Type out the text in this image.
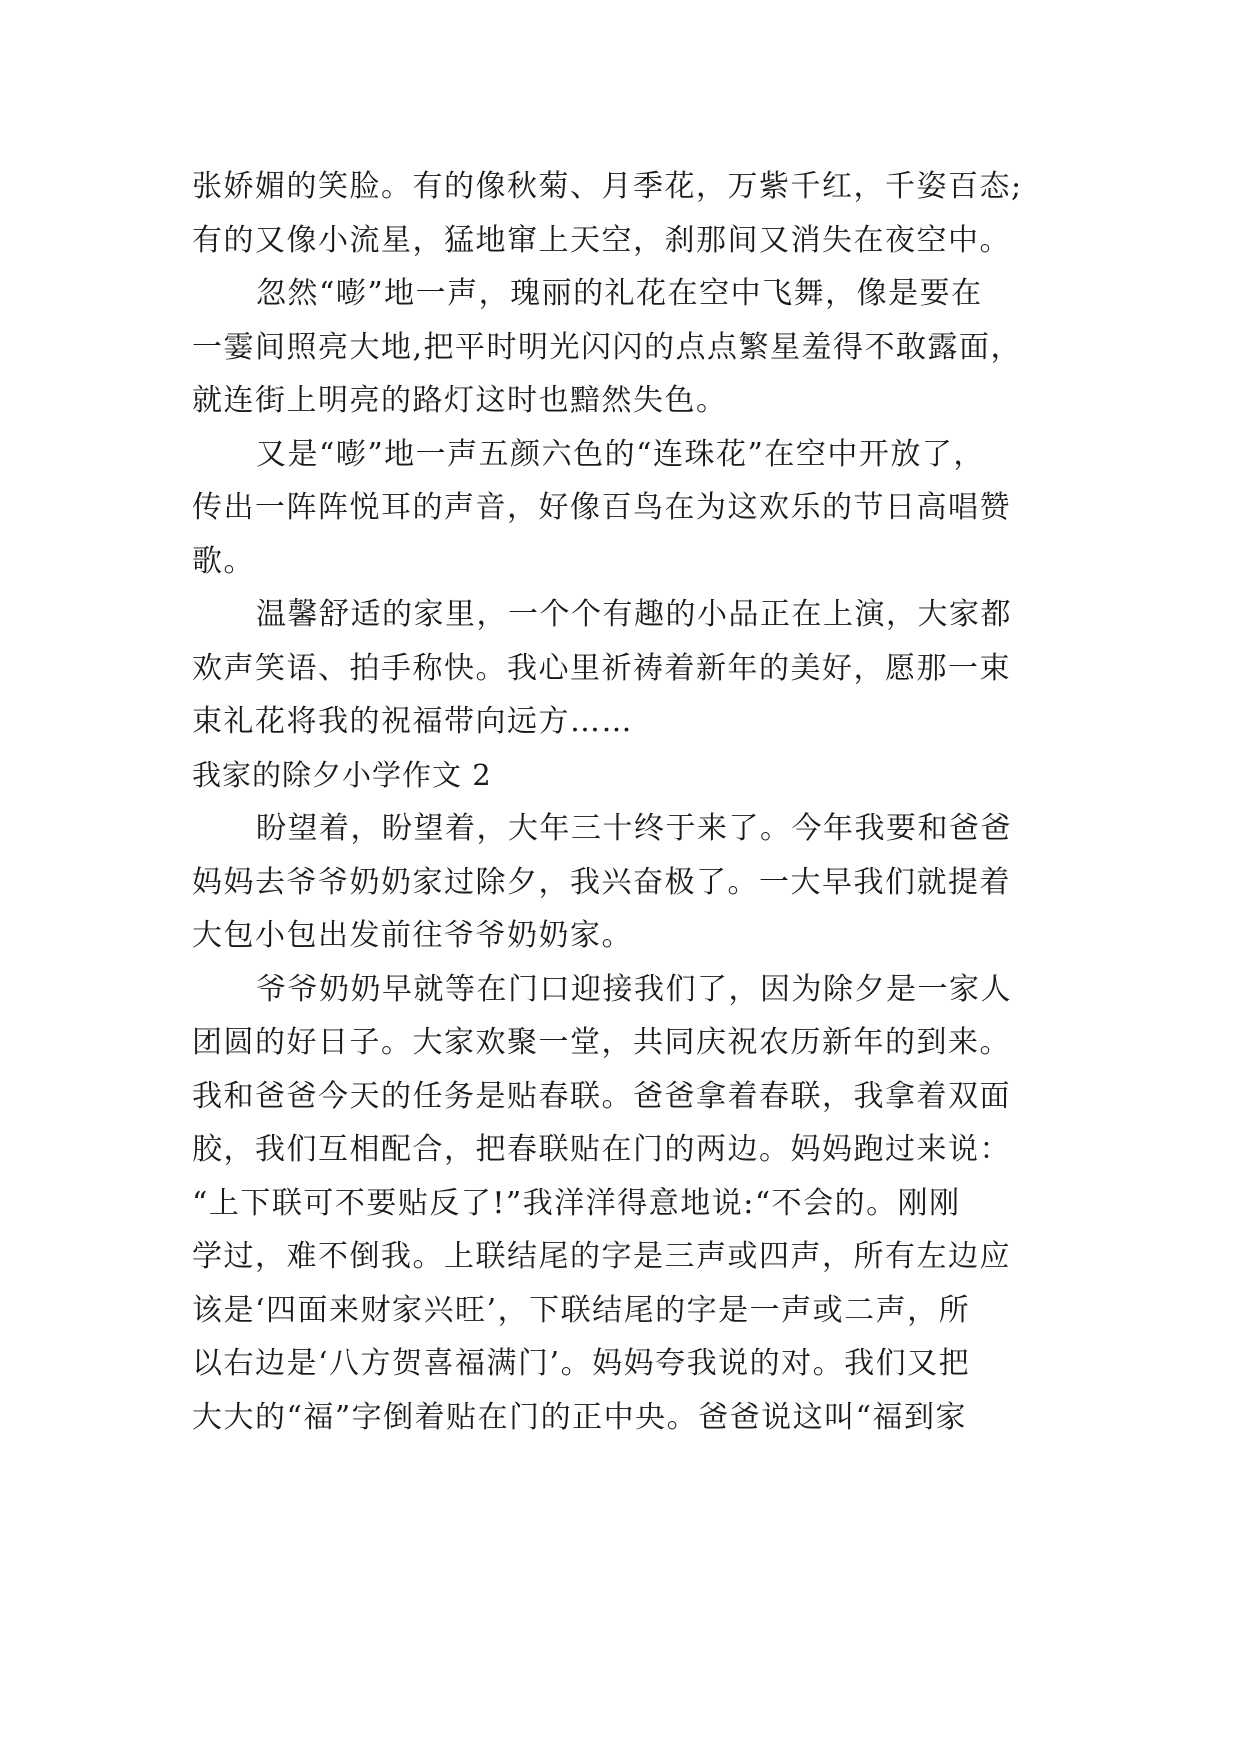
张娇媚的笑脸。有的像秋菊、月季花，万紫千红，千姿百态;
有的又像小流星，猛地窜上天空，刹那间又消失在夜空中。
忽然“嘭”地一声，瑰丽的礼花在空中飞舞，像是要在
一霎间照亮大地,把平时明光闪闪的点点繁星羞得不敢露面，
就连街上明亮的路灯这时也黯然失色。
又是“嘭”地一声五颜六色的“连珠花”在空中开放了，
传出一阵阵悦耳的声音，好像百鸟在为这欢乐的节日高唱赞
歌。
温馨舒适的家里，一个个有趣的小品正在上演，大家都
欢声笑语、拍手称快。我心里祈祷着新年的美好，愿那一束
束礼花将我的祝福带向远方……
我家的除夕小学作文 2
盼望着，盼望着，大年三十终于来了。今年我要和爸爸
妈妈去爷爷奶奶家过除夕，我兴奋极了。一大早我们就提着
大包小包出发前往爷爷奶奶家。
爷爷奶奶早就等在门口迎接我们了，因为除夕是一家人
团圆的好日子。大家欢聚一堂，共同庆祝农历新年的到来。
我和爸爸今天的任务是贴春联。爸爸拿着春联，我拿着双面
胶，我们互相配合，把春联贴在门的两边。妈妈跑过来说：
“上下联可不要贴反了!”我洋洋得意地说:“不会的。刚刚
学过，难不倒我。上联结尾的字是三声或四声，所有左边应
该是‘四面来财家兴旺’，下联结尾的字是一声或二声，所
以右边是‘八方贺喜福满门’。妈妈夸我说的对。我们又把
大大的“福”字倒着贴在门的正中央。爸爸说这叫“福到家
